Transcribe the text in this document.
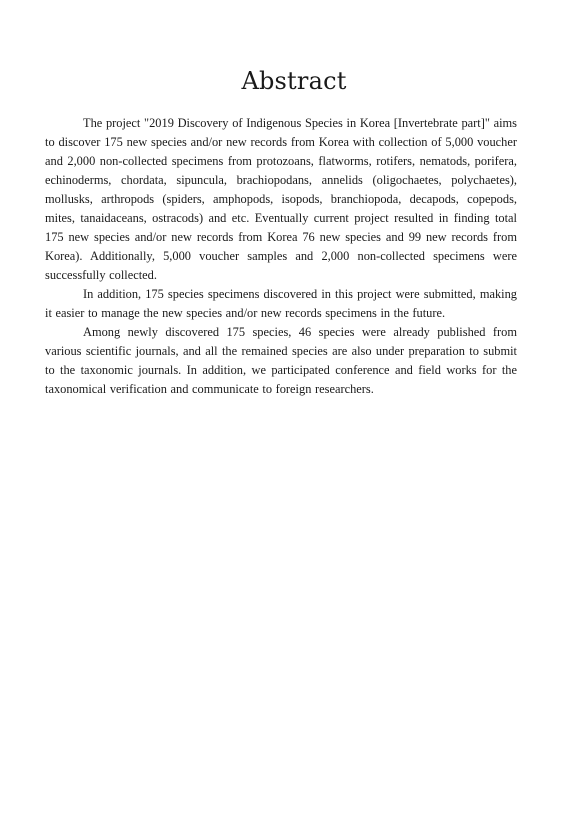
Abstract

The project "2019 Discovery of Indigenous Species in Korea [Invertebrate part]" aims to discover 175 new species and/or new records from Korea with collection of 5,000 voucher and 2,000 non-collected specimens from protozoans, flatworms, rotifers, nematods, porifera, echinoderms, chordata, sipuncula, brachiopodans, annelids (oligochaetes, polychaetes), mollusks, arthropods (spiders, amphopods, isopods, branchiopoda, decapods, copepods, mites, tanaidaceans, ostracods) and etc. Eventually current project resulted in finding total 175 new species and/or new records from Korea 76 new species and 99 new records from Korea). Additionally, 5,000 voucher samples and 2,000 non-collected specimens were successfully collected.

In addition, 175 species specimens discovered in this project were submitted, making it easier to manage the new species and/or new records specimens in the future.

Among newly discovered 175 species, 46 species were already published from various scientific journals, and all the remained species are also under preparation to submit to the taxonomic journals. In addition, we participated conference and field works for the taxonomical verification and communicate to foreign researchers.
